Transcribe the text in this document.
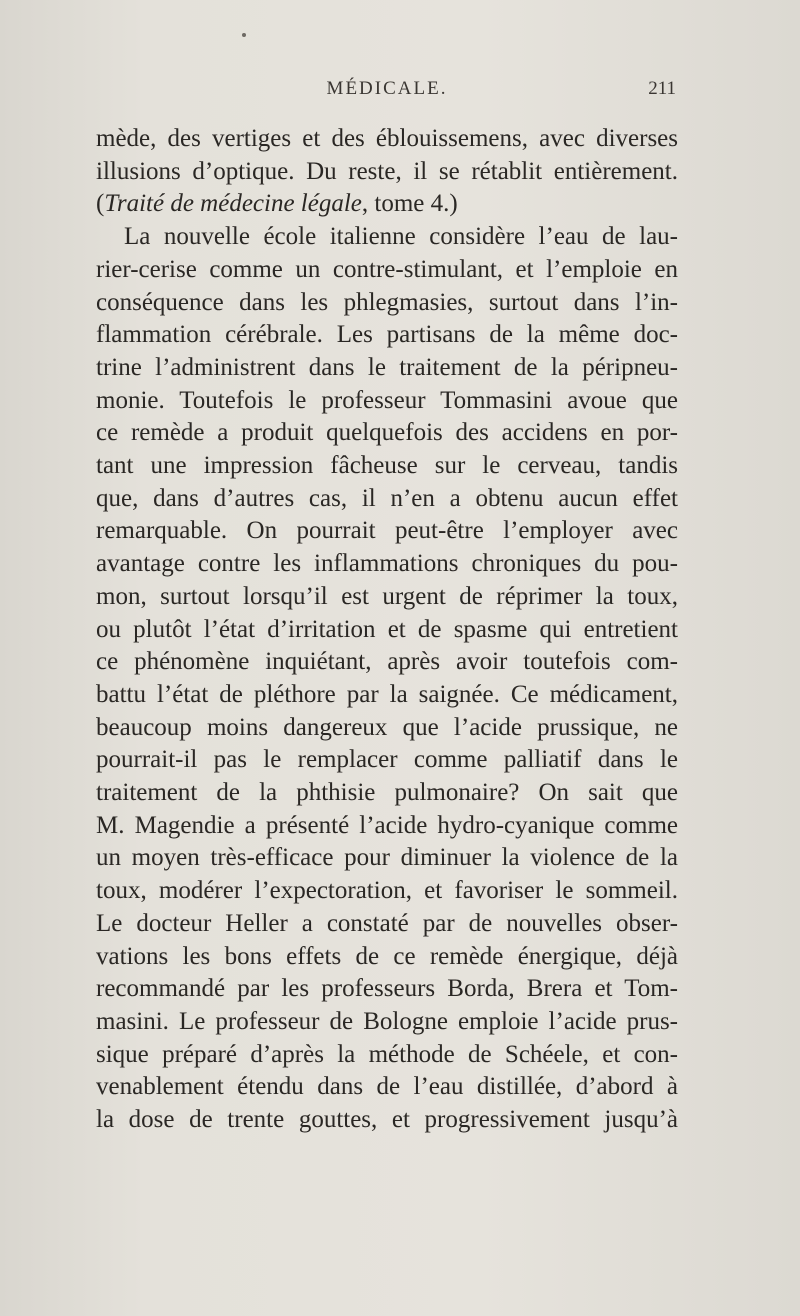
MÉDICALE.	211

mède, des vertiges et des éblouissemens, avec diverses
illusions d’optique. Du reste, il se rétablit entièrement.
(Traité de médecine légale, tome 4.)

La nouvelle école italienne considère l’eau de lau-
rier-cerise comme un contre-stimulant, et l’emploie en
conséquence dans les phlegmasies, surtout dans l’in-
flammation cérébrale. Les partisans de la même doc-
trine l’administrent dans le traitement de la péripneu-
monie. Toutefois le professeur Tommasini avoue que
ce remède a produit quelquefois des accidens en por-
tant une impression fâcheuse sur le cerveau, tandis
que, dans d’autres cas, il n’en a obtenu aucun effet
remarquable. On pourrait peut-être l’employer avec
avantage contre les inflammations chroniques du pou-
mon, surtout lorsqu’il est urgent de réprimer la toux,
ou plutôt l’état d’irritation et de spasme qui entretient
ce phénomène inquiétant, après avoir toutefois com-
battu l’état de pléthore par la saignée. Ce médicament,
beaucoup moins dangereux que l’acide prussique, ne
pourrait-il pas le remplacer comme palliatif dans le
traitement de la phthisie pulmonaire? On sait que
M. Magendie a présenté l’acide hydro-cyanique comme
un moyen très-efficace pour diminuer la violence de la
toux, modérer l’expectoration, et favoriser le sommeil.
Le docteur Heller a constaté par de nouvelles obser-
vations les bons effets de ce remède énergique, déjà
recommandé par les professeurs Borda, Brera et Tom-
masini. Le professeur de Bologne emploie l’acide prus-
sique préparé d’après la méthode de Schéele, et con-
venablement étendu dans de l’eau distillée, d’abord à
la dose de trente gouttes, et progressivement jusqu’à
